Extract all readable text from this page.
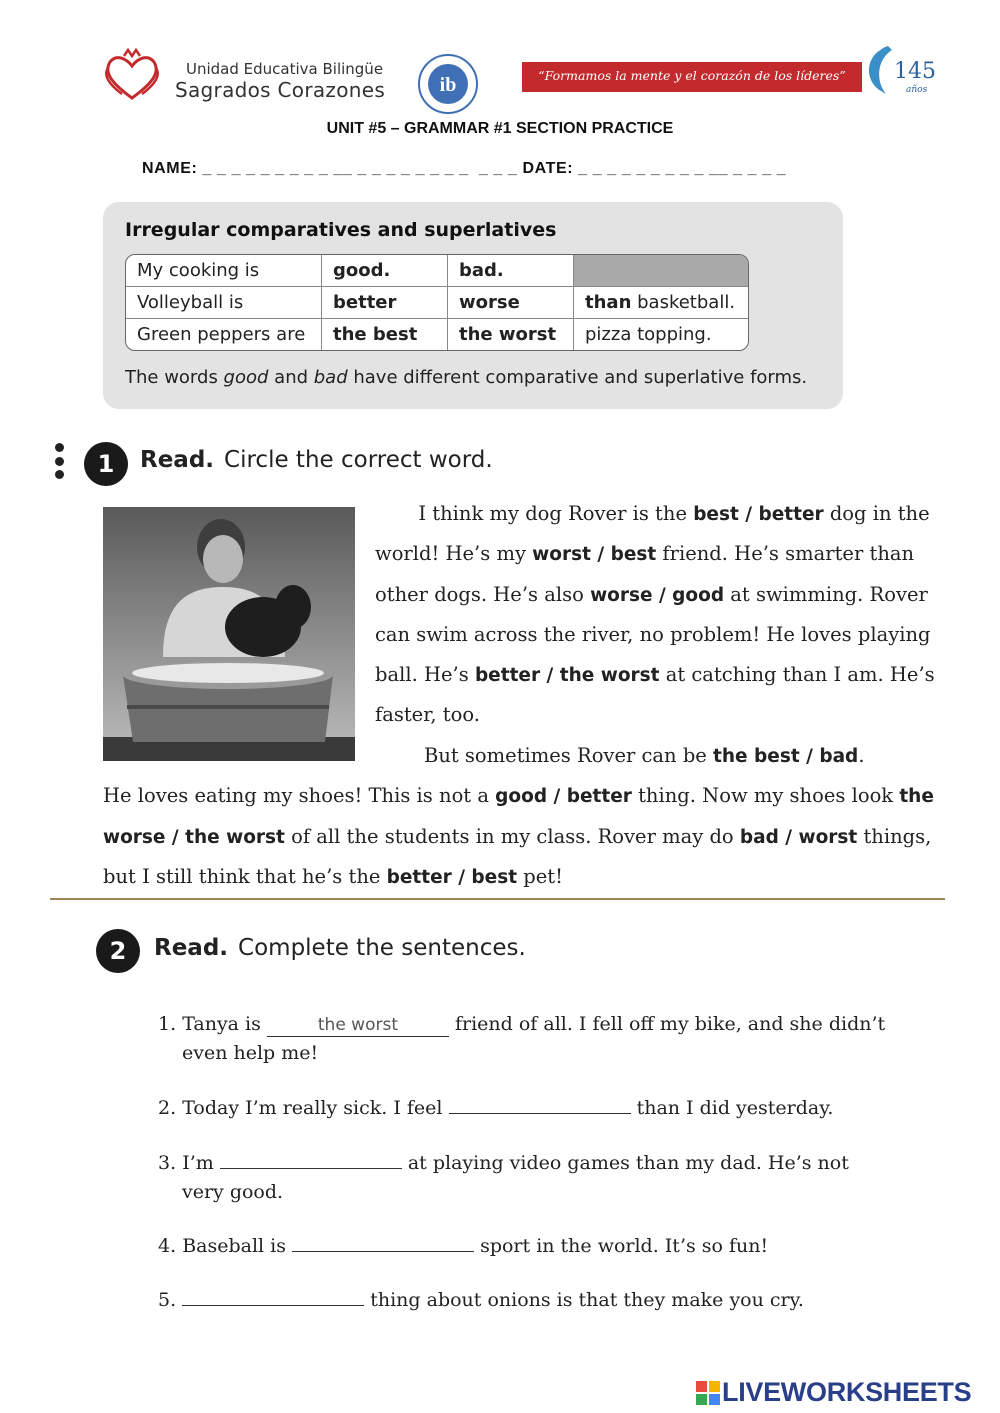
Unidad Educativa Bilingüe
Sagrados Corazones	ib	“Formamos la mente y el corazón de los líderes”	145
años
UNIT #5 – GRAMMAR #1 SECTION PRACTICE
NAME: _ _ _ _ _ _ _ _ _ __ _ _ _ _ _ _ _ _  _ _ _ DATE: _ _ _ _ _ _ _ _ _ __ _ _ _ _
Irregular comparatives and superlatives
My cooking is	good.	bad.	
Volleyball is	better	worse	than basketball.
Green peppers are	the best	the worst	pizza topping.
The words good and bad have different comparative and superlative forms.
1	Read. Circle the correct word.
I think my dog Rover is the best / better dog in the world! He’s my worst / best friend. He’s smarter than other dogs. He’s also worse / good at swimming. Rover can swim across the river, no problem! He loves playing ball. He’s better / the worst at catching than I am. He’s faster, too.
But sometimes Rover can be the best / bad.
He loves eating my shoes! This is not a good / better thing. Now my shoes look the worse / the worst of all the students in my class. Rover may do bad / worst things, but I still think that he’s the better / best pet!
2	Read. Complete the sentences.
1. Tanya is	the worst	friend of all. I fell off my bike, and she didn’t
even help me!
2. Today I’m really sick. I feel	than I did yesterday.
3. I’m	at playing video games than my dad. He’s not
very good.
4. Baseball is	sport in the world. It’s so fun!
5.	thing about onions is that they make you cry.
LIVEWORKSHEETS
